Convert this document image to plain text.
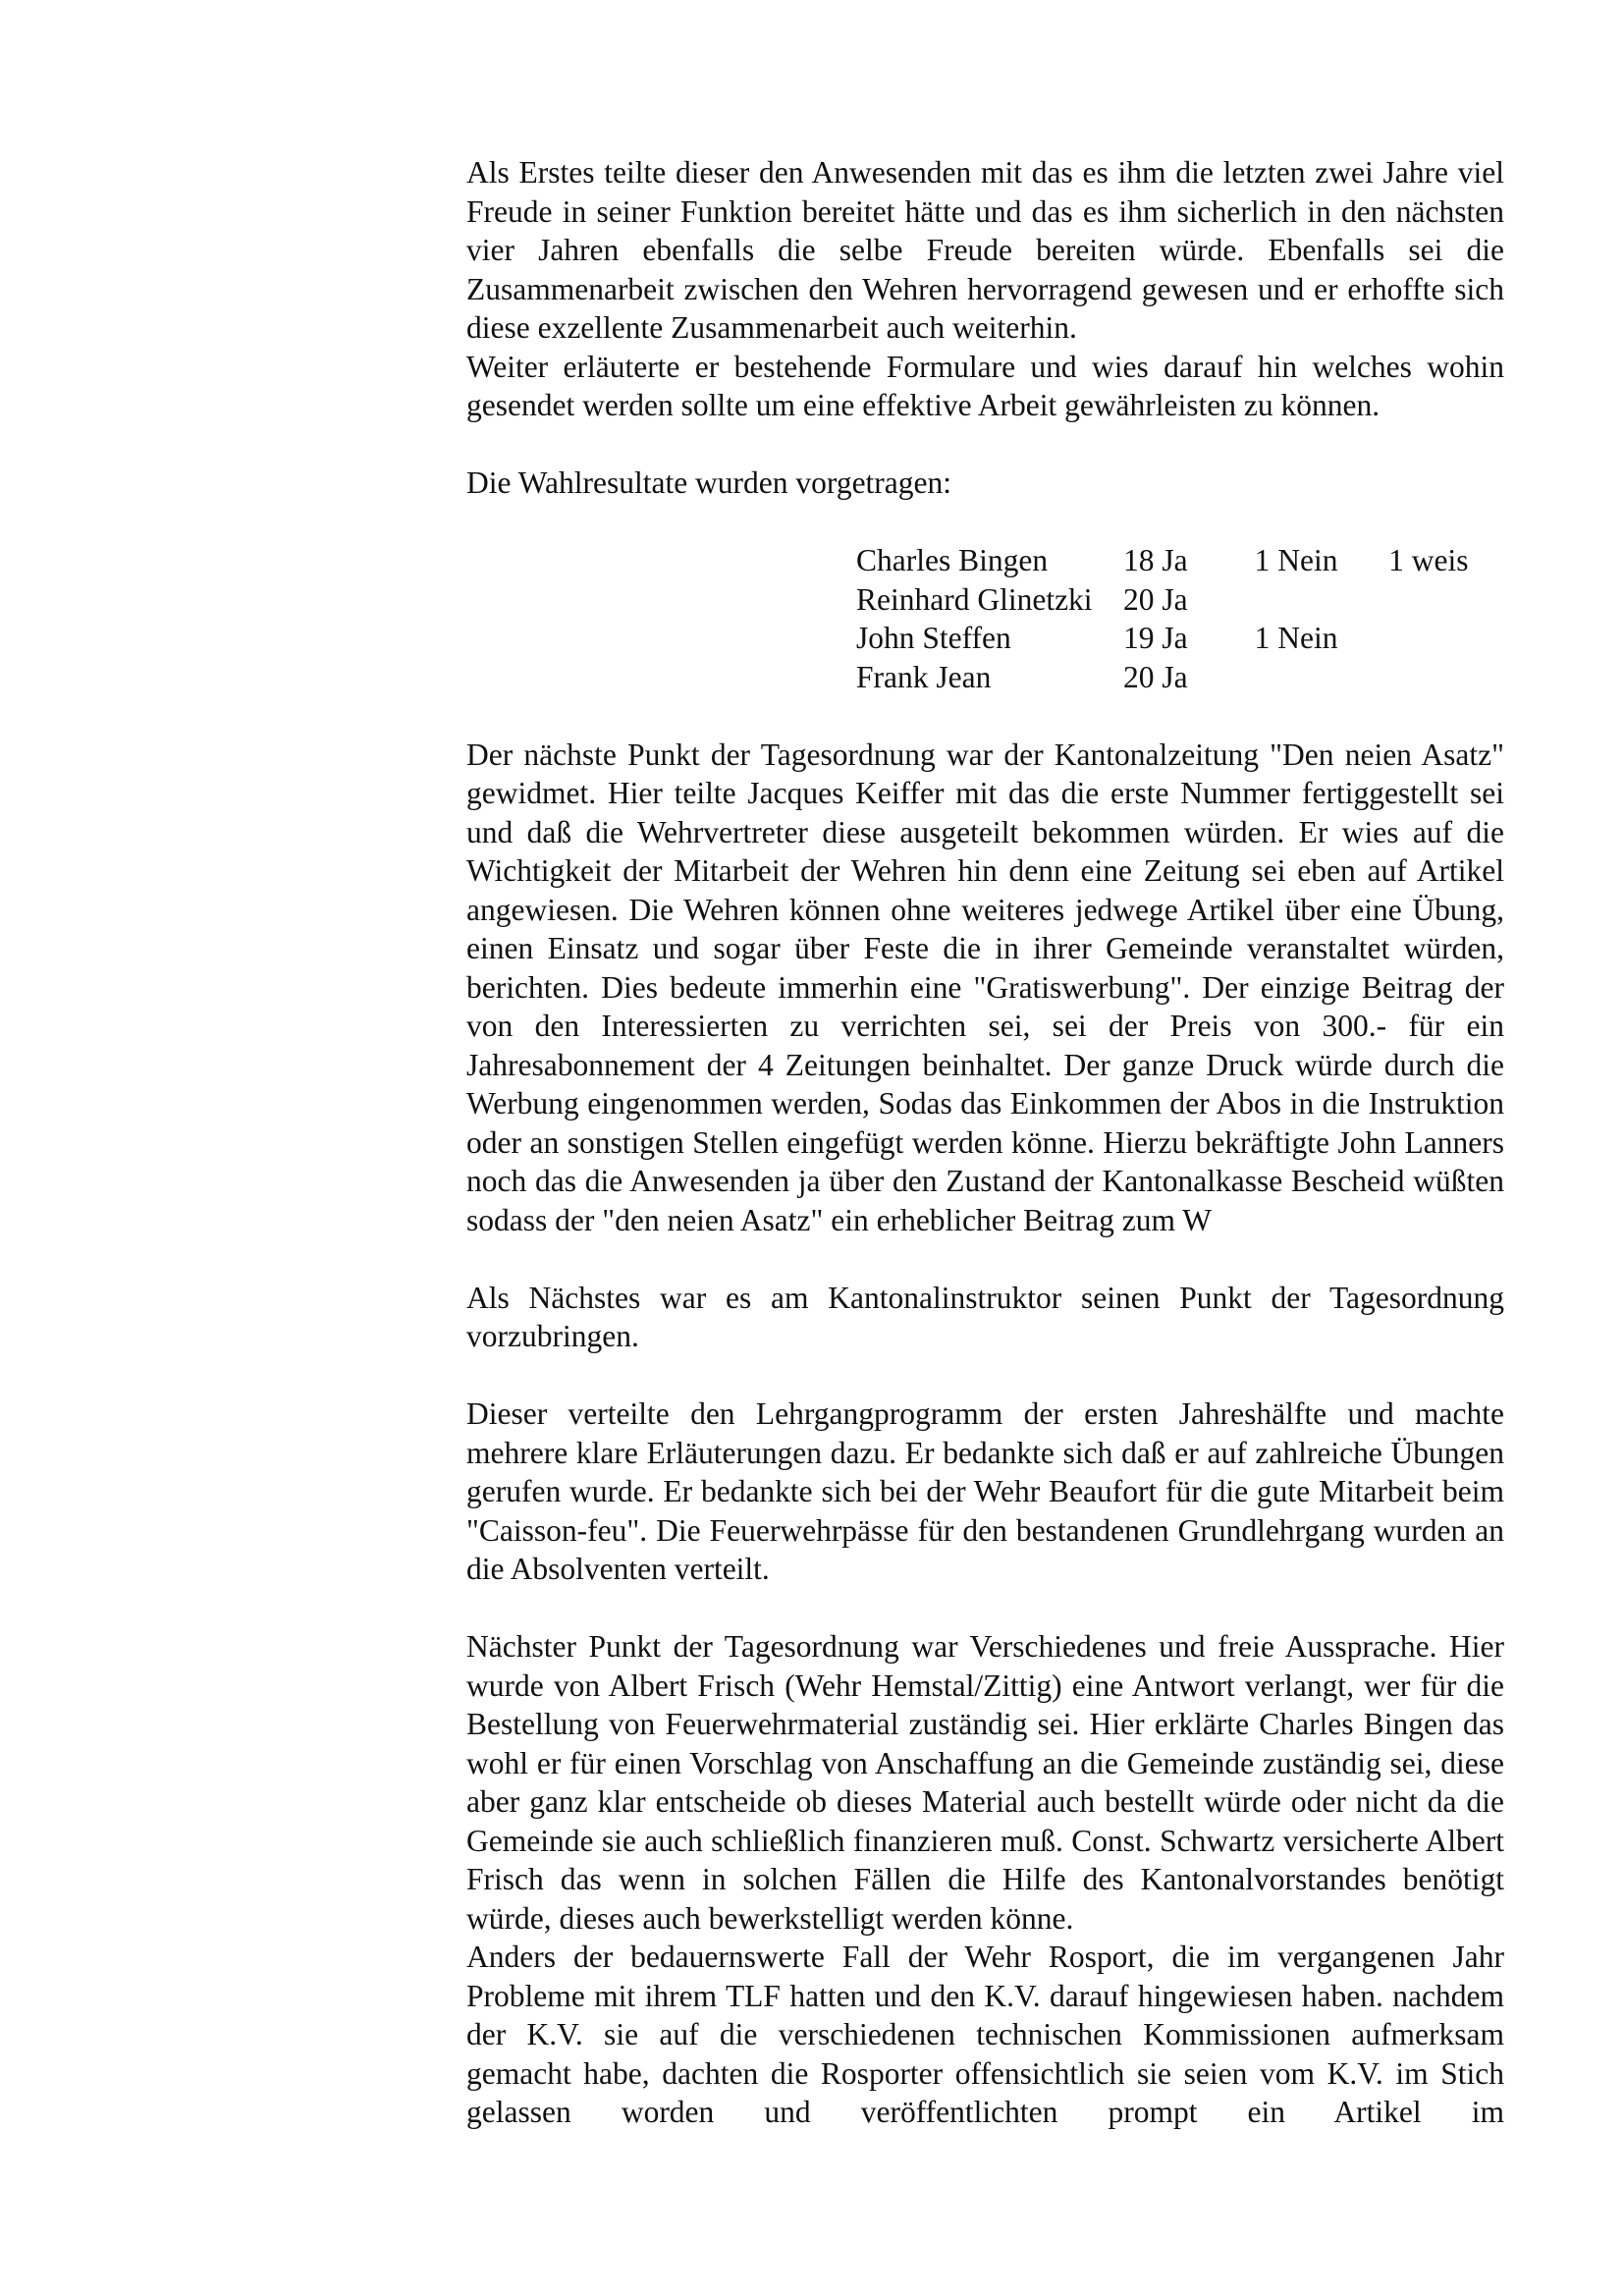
Als Erstes teilte dieser den Anwesenden mit das es ihm die letzten zwei Jahre viel Freude in seiner Funktion bereitet hätte und das es ihm sicherlich in den nächsten vier Jahren ebenfalls die selbe Freude bereiten würde. Ebenfalls sei die Zusammenarbeit zwischen den Wehren hervorragend gewesen und er erhoffte sich diese exzellente Zusammenarbeit auch weiterhin.

Weiter erläuterte er bestehende Formulare und wies darauf hin welches wohin gesendet werden sollte um eine effektive Arbeit gewährleisten zu können.

Die Wahlresultate wurden vorgetragen:

Charles Bingen	18 Ja	1 Nein	1 weis
Reinhard Glinetzki 20 Ja
John Steffen	19 Ja	1 Nein
Frank Jean	20 Ja

Der nächste Punkt der Tagesordnung war der Kantonalzeitung "Den neien Asatz" gewidmet. Hier teilte Jacques Keiffer mit das die erste Nummer fertiggestellt sei und daß die Wehrvertreter diese ausgeteilt bekommen würden. Er wies auf die Wichtigkeit der Mitarbeit der Wehren hin denn eine Zeitung sei eben auf Artikel angewiesen. Die Wehren können ohne weiteres jedwege Artikel über eine Übung, einen Einsatz und sogar über Feste die in ihrer Gemeinde veranstaltet würden, berichten. Dies bedeute immerhin eine "Gratiswerbung". Der einzige Beitrag der von den Interessierten zu verrichten sei, sei der Preis von 300.- für ein Jahresabonnement der 4 Zeitungen beinhaltet. Der ganze Druck würde durch die Werbung eingenommen werden, Sodas das Einkommen der Abos in die Instruktion oder an sonstigen Stellen eingefügt werden könne. Hierzu bekräftigte John Lanners noch das die Anwesenden ja über den Zustand der Kantonalkasse Bescheid wüßten sodass der "den neien Asatz" ein erheblicher Beitrag zum W

Als Nächstes war es am Kantonalinstruktor seinen Punkt der Tagesordnung vorzubringen.

Dieser verteilte den Lehrgangprogramm der ersten Jahreshälfte und machte mehrere klare Erläuterungen dazu. Er bedankte sich daß er auf zahlreiche Übungen gerufen wurde. Er bedankte sich bei der Wehr Beaufort für die gute Mitarbeit beim "Caisson-feu". Die Feuerwehrpässe für den bestandenen Grundlehrgang wurden an die Absolventen verteilt.

Nächster Punkt der Tagesordnung war Verschiedenes und freie Aussprache. Hier wurde von Albert Frisch (Wehr Hemstal/Zittig) eine Antwort verlangt, wer für die Bestellung von Feuerwehrmaterial zuständig sei. Hier erklärte Charles Bingen das wohl er für einen Vorschlag von Anschaffung an die Gemeinde zuständig sei, diese aber ganz klar entscheide ob dieses Material auch bestellt würde oder nicht da die Gemeinde sie auch schließlich finanzieren muß. Const. Schwartz versicherte Albert Frisch das wenn in solchen Fällen die Hilfe des Kantonalvorstandes benötigt würde, dieses auch bewerkstelligt werden könne.

Anders der bedauernswerte Fall der Wehr Rosport, die im vergangenen Jahr Probleme mit ihrem TLF hatten und den K.V. darauf hingewiesen haben. nachdem der K.V. sie auf die verschiedenen technischen Kommissionen aufmerksam gemacht habe, dachten die Rosporter offensichtlich sie seien vom K.V. im Stich gelassen worden und veröffentlichten prompt ein Artikel im
